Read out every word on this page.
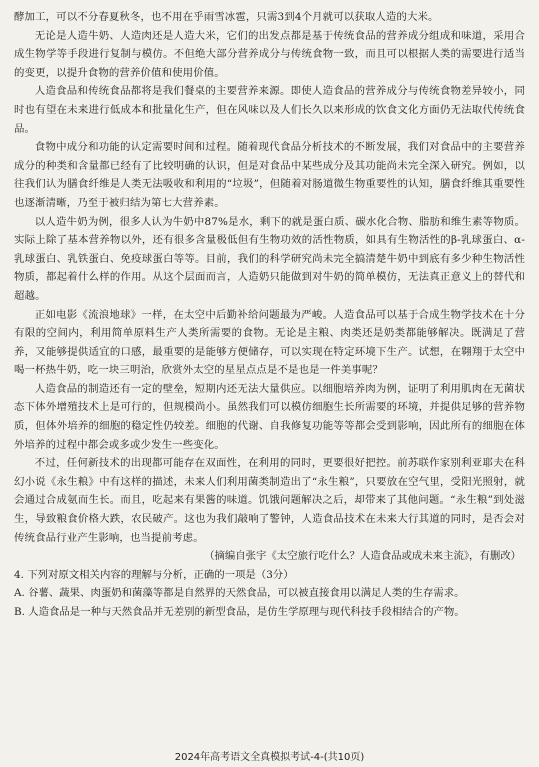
酵加工，可以不分春夏秋冬，也不用在乎雨雪冰雹，只需3到4个月就可以获取人造的大米。

无论是人造牛奶、人造肉还是人造大米，它们的出发点都是基于传统食品的营养成分组成和味道，采用合成生物学等手段进行复制与模仿。不但绝大部分营养成分与传统食物一致，而且可以根据人类的需要进行适当的变更，以提升食物的营养价值和使用价值。

人造食品和传统食品都将是我们餐桌的主要营养来源。即使人造食品的营养成分与传统食物差异较小，同时也有望在未来进行低成本和批量化生产，但在风味以及人们长久以来形成的饮食文化方面仍无法取代传统食品。

食物中成分和功能的认定需要时间和过程。随着现代食品分析技术的不断发展，我们对食品中的主要营养成分的种类和含量都已经有了比较明确的认识，但是对食品中某些成分及其功能尚未完全深入研究。例如，以往我们认为膳食纤维是人类无法吸收和利用的“垃圾”，但随着对肠道微生物重要性的认知，膳食纤维其重要性也逐渐清晰，乃至于被归结为第七大营养素。

以人造牛奶为例，很多人认为牛奶中87%是水，剩下的就是蛋白质、碳水化合物、脂肪和维生素等物质。实际上除了基本营养物以外，还有很多含量极低但有生物功效的活性物质，如具有生物活性的β-乳球蛋白、α-乳球蛋白、乳铁蛋白、免疫球蛋白等等。目前，我们的科学研究尚未完全搞清楚牛奶中到底有多少种生物活性物质，都起着什么样的作用。从这个层面而言，人造奶只能做到对牛奶的简单模仿，无法真正意义上的替代和超越。

正如电影《流浪地球》一样，在太空中后勤补给问题最为严峻。人造食品可以基于合成生物学技术在十分有限的空间内，利用简单原料生产人类所需要的食物。无论是主粮、肉类还是奶类都能够解决。既满足了营养，又能够提供适宜的口感，最重要的是能够方便储存，可以实现在特定环境下生产。试想，在翱翔于太空中喝一杯热牛奶，吃一块三明治，欣赏外太空的星星点点是不是也是一件美事呢？

人造食品的制造还有一定的壁垒，短期内还无法大量供应。以细胞培养肉为例，证明了利用肌肉在无菌状态下体外增殖技术上是可行的，但规模尚小。虽然我们可以模仿细胞生长所需要的环境，并提供足够的营养物质，但体外培养的细胞的稳定性仍较差。细胞的代谢、自我修复功能等等都会受到影响，因此所有的细胞在体外培养的过程中都会或多或少发生一些变化。

不过，任何新技术的出现都可能存在双面性，在利用的同时，更要很好把控。前苏联作家别利亚耶夫在科幻小说《永生粮》中有这样的描述，未来人们利用菌类制造出了“永生粮”，只要放在空气里，受阳光照射，就会通过合成氨而生长。而且，吃起来有果酱的味道。饥饿问题解决之后，却带来了其他问题。“永生粮”到处滋生，导致粮食价格大跌，农民破产。这也为我们敲响了警钟，人造食品技术在未来大行其道的同时，是否会对传统食品行业产生影响，也当提前考虑。

（摘编自张宇《太空旅行吃什么？人造食品或成未来主流》，有删改）

4. 下列对原文相关内容的理解与分析，正确的一项是（3分）

A. 谷薯、蔬果、肉蛋奶和菌藻等都是自然界的天然食品，可以被直接食用以满足人类的生存需求。

B. 人造食品是一种与天然食品并无差别的新型食品，是仿生学原理与现代科技手段相结合的产物。

2024年高考语文全真模拟考试-4-(共10页)
